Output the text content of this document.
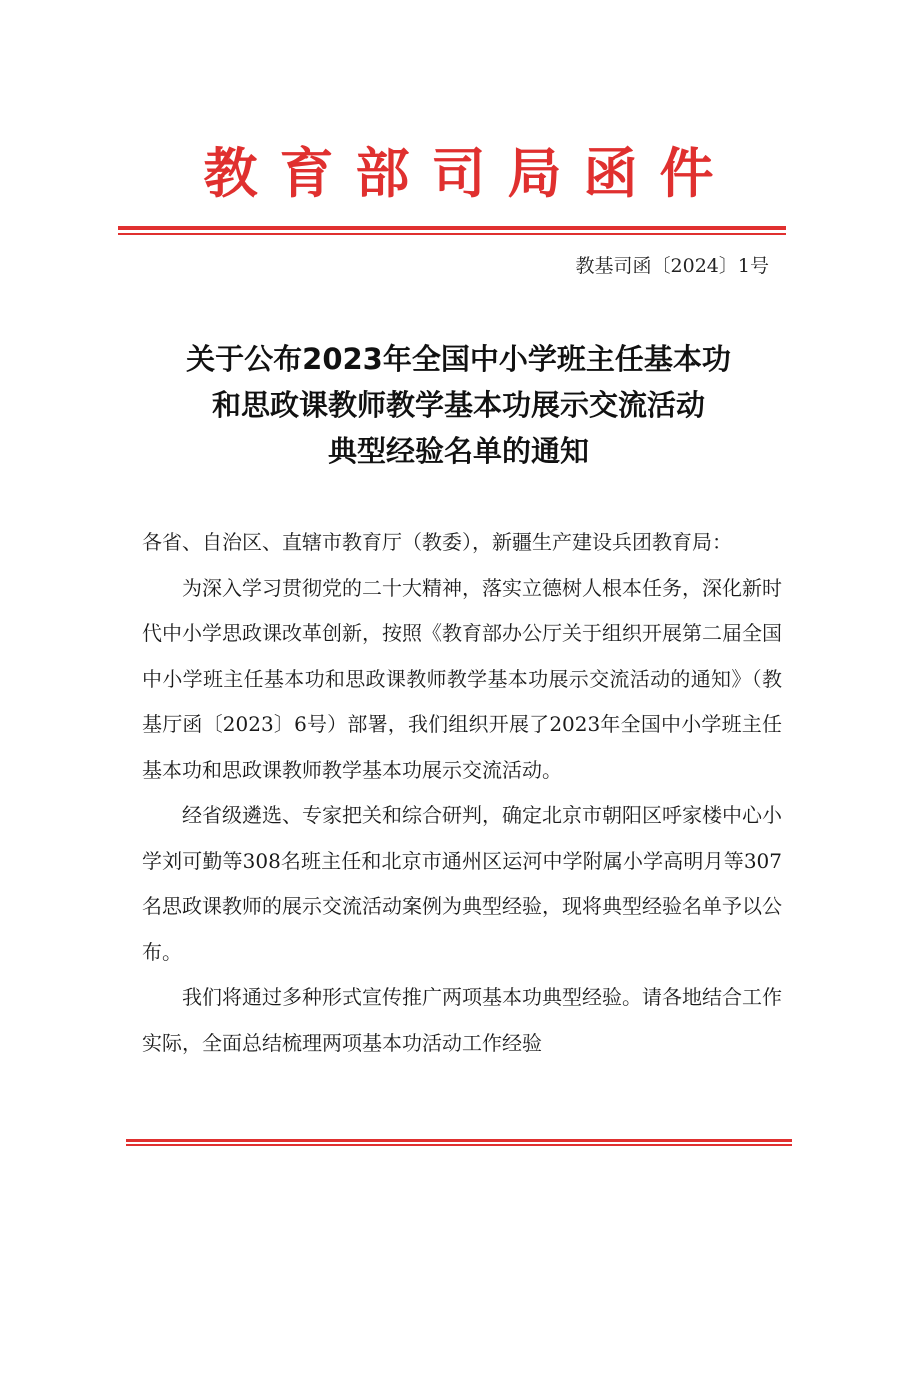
教育部司局函件
教基司函〔2024〕1号
关于公布2023年全国中小学班主任基本功
和思政课教师教学基本功展示交流活动
典型经验名单的通知

各省、自治区、直辖市教育厅（教委），新疆生产建设兵团教育局：

为深入学习贯彻党的二十大精神，落实立德树人根本任务，深化新时代中小学思政课改革创新，按照《教育部办公厅关于组织开展第二届全国中小学班主任基本功和思政课教师教学基本功展示交流活动的通知》（教基厅函〔2023〕6号）部署，我们组织开展了2023年全国中小学班主任基本功和思政课教师教学基本功展示交流活动。

经省级遴选、专家把关和综合研判，确定北京市朝阳区呼家楼中心小学刘可勤等308名班主任和北京市通州区运河中学附属小学高明月等307名思政课教师的展示交流活动案例为典型经验，现将典型经验名单予以公布。

我们将通过多种形式宣传推广两项基本功典型经验。请各地结合工作实际，全面总结梳理两项基本功活动工作经验
